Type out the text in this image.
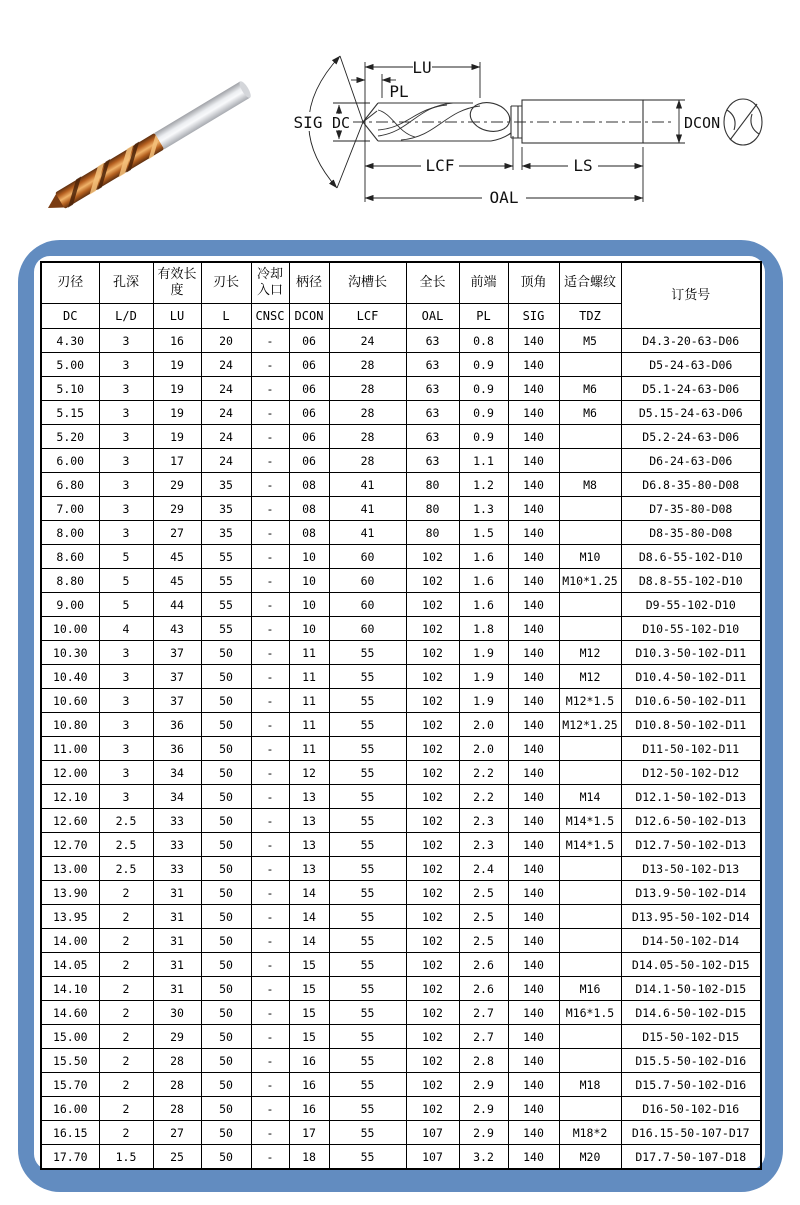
LU
PL
SIG DC
LCF	LS
OAL
DCON
刃径	孔深	有效长度	刃长	冷却入口	柄径	沟槽长	全长	前端	顶角	适合螺纹	订货号
DC	L/D	LU	L	CNSC	DCON	LCF	OAL	PL	SIG	TDZ	
4.30	3	16	20	-	06	24	63	0.8	140	M5	D4.3-20-63-D06
5.00	3	19	24	-	06	28	63	0.9	140		D5-24-63-D06
5.10	3	19	24	-	06	28	63	0.9	140	M6	D5.1-24-63-D06
5.15	3	19	24	-	06	28	63	0.9	140	M6	D5.15-24-63-D06
5.20	3	19	24	-	06	28	63	0.9	140		D5.2-24-63-D06
6.00	3	17	24	-	06	28	63	1.1	140		D6-24-63-D06
6.80	3	29	35	-	08	41	80	1.2	140	M8	D6.8-35-80-D08
7.00	3	29	35	-	08	41	80	1.3	140		D7-35-80-D08
8.00	3	27	35	-	08	41	80	1.5	140		D8-35-80-D08
8.60	5	45	55	-	10	60	102	1.6	140	M10	D8.6-55-102-D10
8.80	5	45	55	-	10	60	102	1.6	140	M10*1.25	D8.8-55-102-D10
9.00	5	44	55	-	10	60	102	1.6	140		D9-55-102-D10
10.00	4	43	55	-	10	60	102	1.8	140		D10-55-102-D10
10.30	3	37	50	-	11	55	102	1.9	140	M12	D10.3-50-102-D11
10.40	3	37	50	-	11	55	102	1.9	140	M12	D10.4-50-102-D11
10.60	3	37	50	-	11	55	102	1.9	140	M12*1.5	D10.6-50-102-D11
10.80	3	36	50	-	11	55	102	2.0	140	M12*1.25	D10.8-50-102-D11
11.00	3	36	50	-	11	55	102	2.0	140		D11-50-102-D11
12.00	3	34	50	-	12	55	102	2.2	140		D12-50-102-D12
12.10	3	34	50	-	13	55	102	2.2	140	M14	D12.1-50-102-D13
12.60	2.5	33	50	-	13	55	102	2.3	140	M14*1.5	D12.6-50-102-D13
12.70	2.5	33	50	-	13	55	102	2.3	140	M14*1.5	D12.7-50-102-D13
13.00	2.5	33	50	-	13	55	102	2.4	140		D13-50-102-D13
13.90	2	31	50	-	14	55	102	2.5	140		D13.9-50-102-D14
13.95	2	31	50	-	14	55	102	2.5	140		D13.95-50-102-D14
14.00	2	31	50	-	14	55	102	2.5	140		D14-50-102-D14
14.05	2	31	50	-	15	55	102	2.6	140		D14.05-50-102-D15
14.10	2	31	50	-	15	55	102	2.6	140	M16	D14.1-50-102-D15
14.60	2	30	50	-	15	55	102	2.7	140	M16*1.5	D14.6-50-102-D15
15.00	2	29	50	-	15	55	102	2.7	140		D15-50-102-D15
15.50	2	28	50	-	16	55	102	2.8	140		D15.5-50-102-D16
15.70	2	28	50	-	16	55	102	2.9	140	M18	D15.7-50-102-D16
16.00	2	28	50	-	16	55	102	2.9	140		D16-50-102-D16
16.15	2	27	50	-	17	55	107	2.9	140	M18*2	D16.15-50-107-D17
17.70	1.5	25	50	-	18	55	107	3.2	140	M20	D17.7-50-107-D18
